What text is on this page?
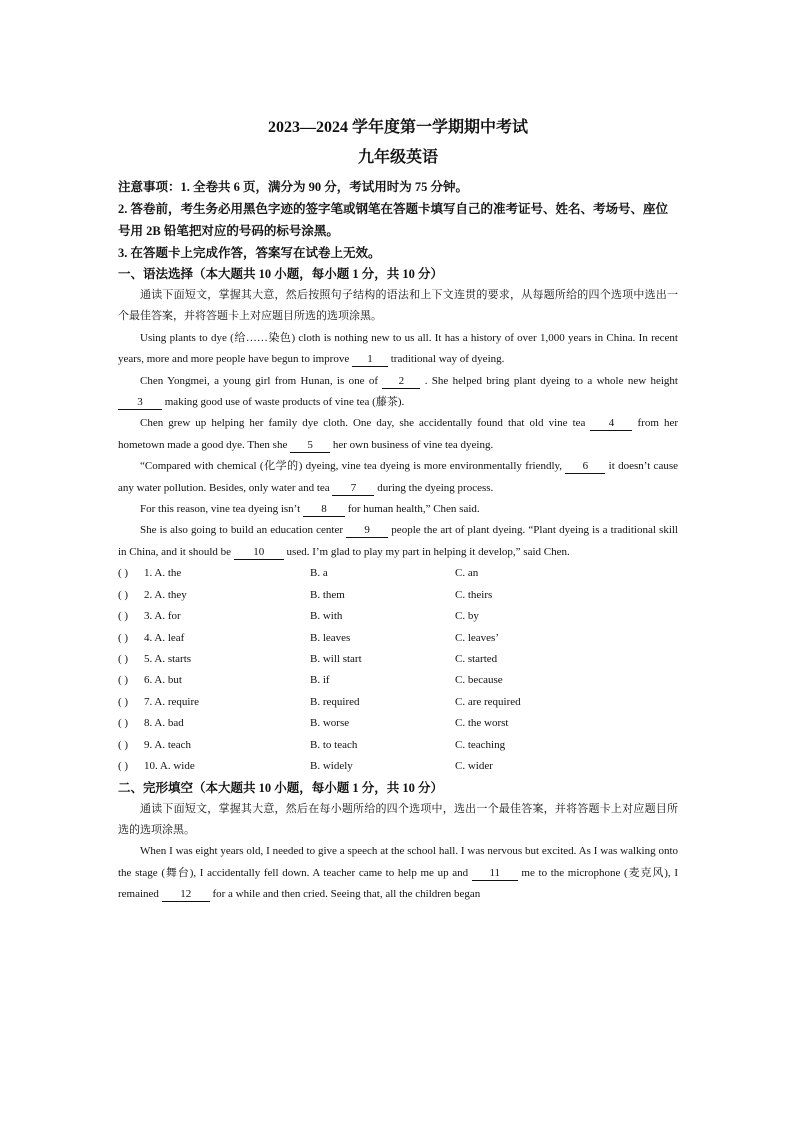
2023—2024 学年度第一学期期中考试

九年级英语

注意事项：1. 全卷共 6 页，满分为 90 分，考试用时为 75 分钟。

2. 答卷前，考生务必用黑色字迹的签字笔或钢笔在答题卡填写自己的准考证号、姓名、考场号、座位号用 2B 铅笔把对应的号码的标号涂黑。

3. 在答题卡上完成作答，答案写在试卷上无效。

一、语法选择（本大题共 10 小题，每小题 1 分，共 10 分）

通读下面短文，掌握其大意，然后按照句子结构的语法和上下文连贯的要求，从每题所给的四个选项中选出一个最佳答案，并将答题卡上对应题目所选的选项涂黑。

Using plants to dye (给……染色) cloth is nothing new to us all. It has a history of over 1,000 years in China. In recent years, more and more people have begun to improve 1 traditional way of dyeing.

Chen Yongmei, a young girl from Hunan, is one of 2 . She helped bring plant dyeing to a whole new height 3 making good use of waste products of vine tea (藤茶).

Chen grew up helping her family dye cloth. One day, she accidentally found that old vine tea 4 from her hometown made a good dye. Then she 5 her own business of vine tea dyeing.

“Compared with chemical (化学的) dyeing, vine tea dyeing is more environmentally friendly, 6 it doesn’t cause any water pollution. Besides, only water and tea 7 during the dyeing process.

For this reason, vine tea dyeing isn’t 8 for human health,” Chen said.

She is also going to build an education center 9 people the art of plant dyeing. “Plant dyeing is a traditional skill in China, and it should be 10 used. I’m glad to play my part in helping it develop,” said Chen.

( ) 1. A. the	B. a	C. an
( ) 2. A. they	B. them	C. theirs
( ) 3. A. for	B. with	C. by
( ) 4. A. leaf	B. leaves	C. leaves’
( ) 5. A. starts	B. will start	C. started
( ) 6. A. but	B. if	C. because
( ) 7. A. require	B. required	C. are required
( ) 8. A. bad	B. worse	C. the worst
( ) 9. A. teach	B. to teach	C. teaching
( ) 10. A. wide	B. widely	C. wider

二、完形填空（本大题共 10 小题，每小题 1 分，共 10 分）

通读下面短文，掌握其大意，然后在每小题所给的四个选项中，选出一个最佳答案，并将答题卡上对应题目所选的选项涂黑。

When I was eight years old, I needed to give a speech at the school hall. I was nervous but excited. As I was walking onto the stage (舞台), I accidentally fell down. A teacher came to help me up and 11 me to the microphone (麦克风), I remained 12 for a while and then cried. Seeing that, all the children began
